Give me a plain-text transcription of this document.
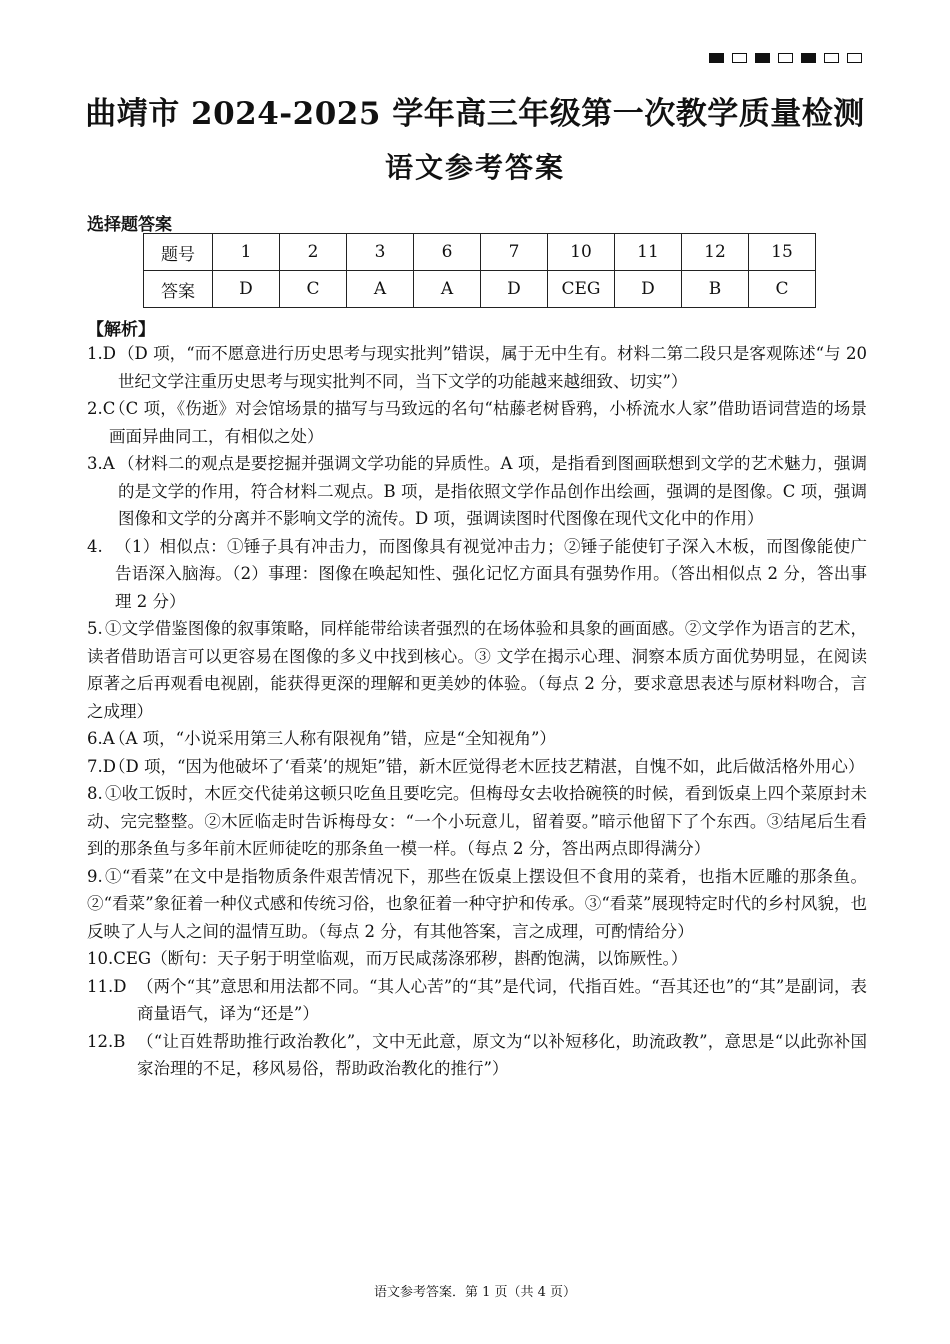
曲靖市 2024-2025 学年高三年级第一次教学质量检测
语文参考答案
选择题答案
题号	1	2	3	6	7	10	11	12	15
答案	D	C	A	A	D	CEG	D	B	C
【解析】
1.D （D 项，“而不愿意进行历史思考与现实批判”错误，属于无中生有。材料二第二段只是客观陈述“与 20 世纪文学注重历史思考与现实批判不同，当下文学的功能越来越细致、切实”）
2.C
（C 项，《伤逝》对会馆场景的描写与马致远的名句“枯藤老树昏鸦，小桥流水人家”借助语词营造的场景画面异曲同工，有相似之处）
3.A （材料二的观点是要挖掘并强调文学功能的异质性。A 项，是指看到图画联想到文学的艺术魅力，强调的是文学的作用，符合材料二观点。B 项，是指依照文学作品创作出绘画，强调的是图像。C 项，强调图像和文学的分离并不影响文学的流传。D 项，强调读图时代图像在现代文化中的作用）
4. （1）相似点：①锤子具有冲击力，而图像具有视觉冲击力；②锤子能使钉子深入木板，而图像能使广告语深入脑海。（2）事理：图像在唤起知性、强化记忆方面具有强势作用。（答出相似点 2 分，答出事理 2 分）
5. ①文学借鉴图像的叙事策略，同样能带给读者强烈的在场体验和具象的画面感。②文学作为语言的艺术，读者借助语言可以更容易在图像的多义中找到核心。③ 文学在揭示心理、洞察本质方面优势明显，在阅读原著之后再观看电视剧，能获得更深的理解和更美妙的体验。（每点 2 分，要求意思表述与原材料吻合，言之成理）
6.A
（A 项，“小说采用第三人称有限视角”错，应是“全知视角”）
7.D
（D 项，“因为他破坏了‘看菜’的规矩”错，新木匠觉得老木匠技艺精湛，自愧不如，此后做活格外用心）
8. ①收工饭时，木匠交代徒弟这顿只吃鱼且要吃完。但梅母女去收拾碗筷的时候，看到饭桌上四个菜原封未动、完完整整。②木匠临走时告诉梅母女：“一个小玩意儿，留着耍。”暗示他留下了个东西。③结尾后生看到的那条鱼与多年前木匠师徒吃的那条鱼一模一样。（每点 2 分，答出两点即得满分）
9. ①“看菜”在文中是指物质条件艰苦情况下，那些在饭桌上摆设但不食用的菜肴，也指木匠雕的那条鱼。②“看菜”象征着一种仪式感和传统习俗，也象征着一种守护和传承。③“看菜”展现特定时代的乡村风貌，也反映了人与人之间的温情互助。（每点 2 分，有其他答案，言之成理，可酌情给分）
10.CEG （断句：天子躬于明堂临观，而万民咸荡涤邪秽，斟酌饱满，以饰厥性。）
11.D （两个“其”意思和用法都不同。“其人心苦”的“其”是代词，代指百姓。“吾其还也”的“其”是副词，表商量语气，译为“还是”）
12.B （“让百姓帮助推行政治教化”，文中无此意，原文为“以补短移化，助流政教”，意思是“以此弥补国家治理的不足，移风易俗，帮助政治教化的推行”）
语文参考答案．第 1 页（共 4 页）
